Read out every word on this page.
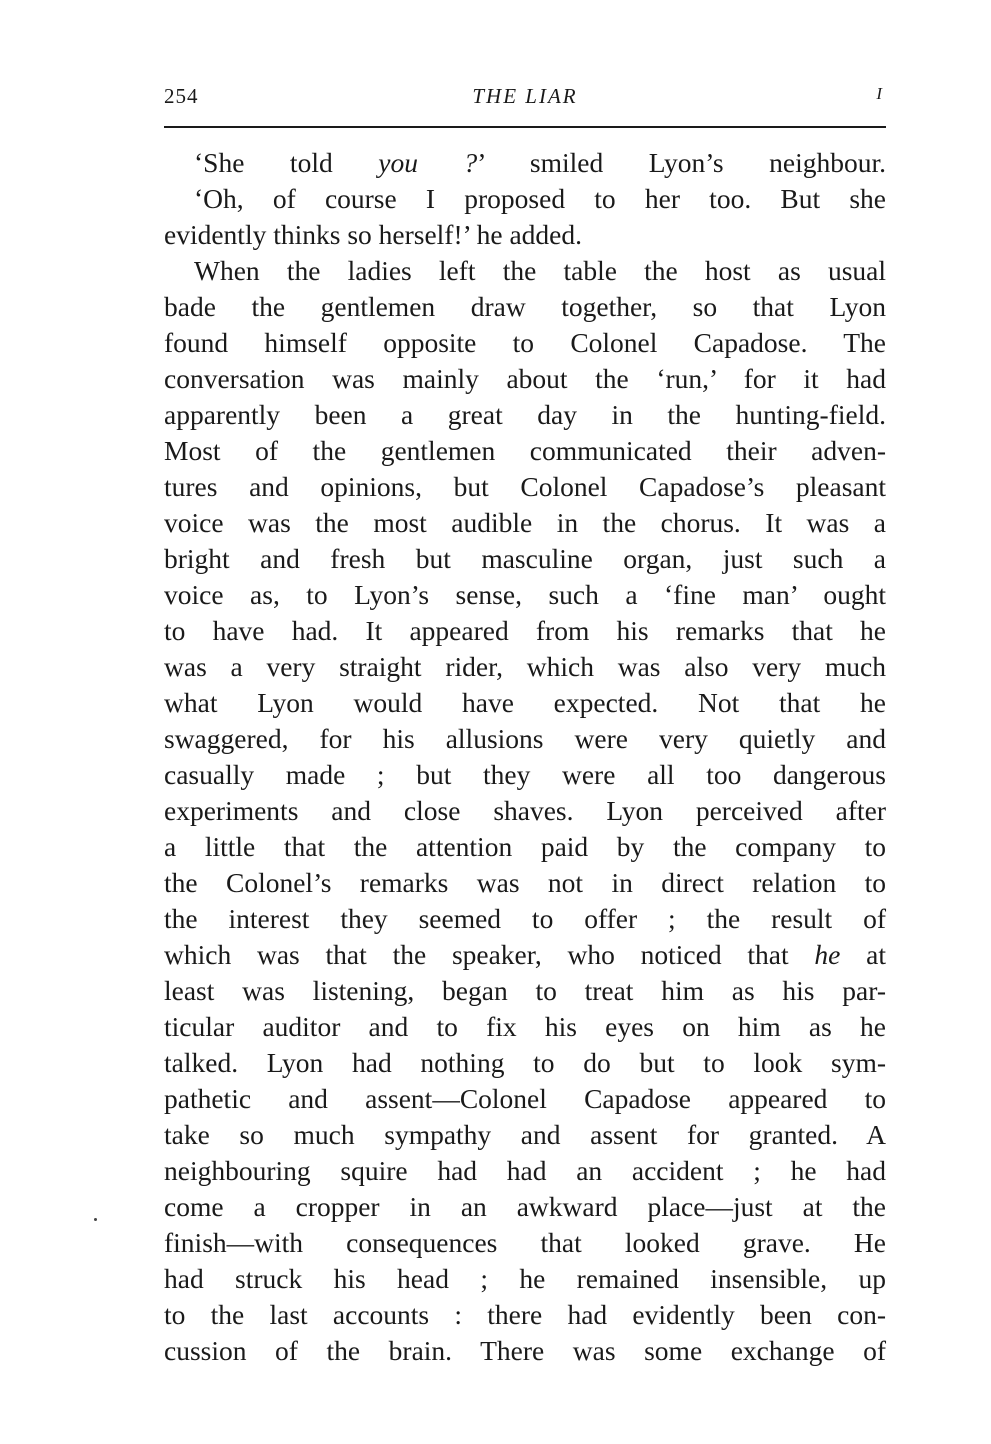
254	THE LIAR	I
‘She told you ?’ smiled Lyon’s neighbour.
‘Oh, of course I proposed to her too. But she
evidently thinks so herself!’ he added.
When the ladies left the table the host as usual
bade the gentlemen draw together, so that Lyon
found himself opposite to Colonel Capadose. The
conversation was mainly about the ‘run,’ for it had
apparently been a great day in the hunting-field.
Most of the gentlemen communicated their adven-
tures and opinions, but Colonel Capadose’s pleasant
voice was the most audible in the chorus. It was a
bright and fresh but masculine organ, just such a
voice as, to Lyon’s sense, such a ‘fine man’ ought
to have had. It appeared from his remarks that he
was a very straight rider, which was also very much
what Lyon would have expected. Not that he
swaggered, for his allusions were very quietly and
casually made ; but they were all too dangerous
experiments and close shaves. Lyon perceived after
a little that the attention paid by the company to
the Colonel’s remarks was not in direct relation to
the interest they seemed to offer ; the result of
which was that the speaker, who noticed that he at
least was listening, began to treat him as his par-
ticular auditor and to fix his eyes on him as he
talked. Lyon had nothing to do but to look sym-
pathetic and assent—Colonel Capadose appeared to
take so much sympathy and assent for granted. A
neighbouring squire had had an accident ; he had
come a cropper in an awkward place—just at the
finish—with consequences that looked grave. He
had struck his head ; he remained insensible, up
to the last accounts : there had evidently been con-
cussion of the brain. There was some exchange of
